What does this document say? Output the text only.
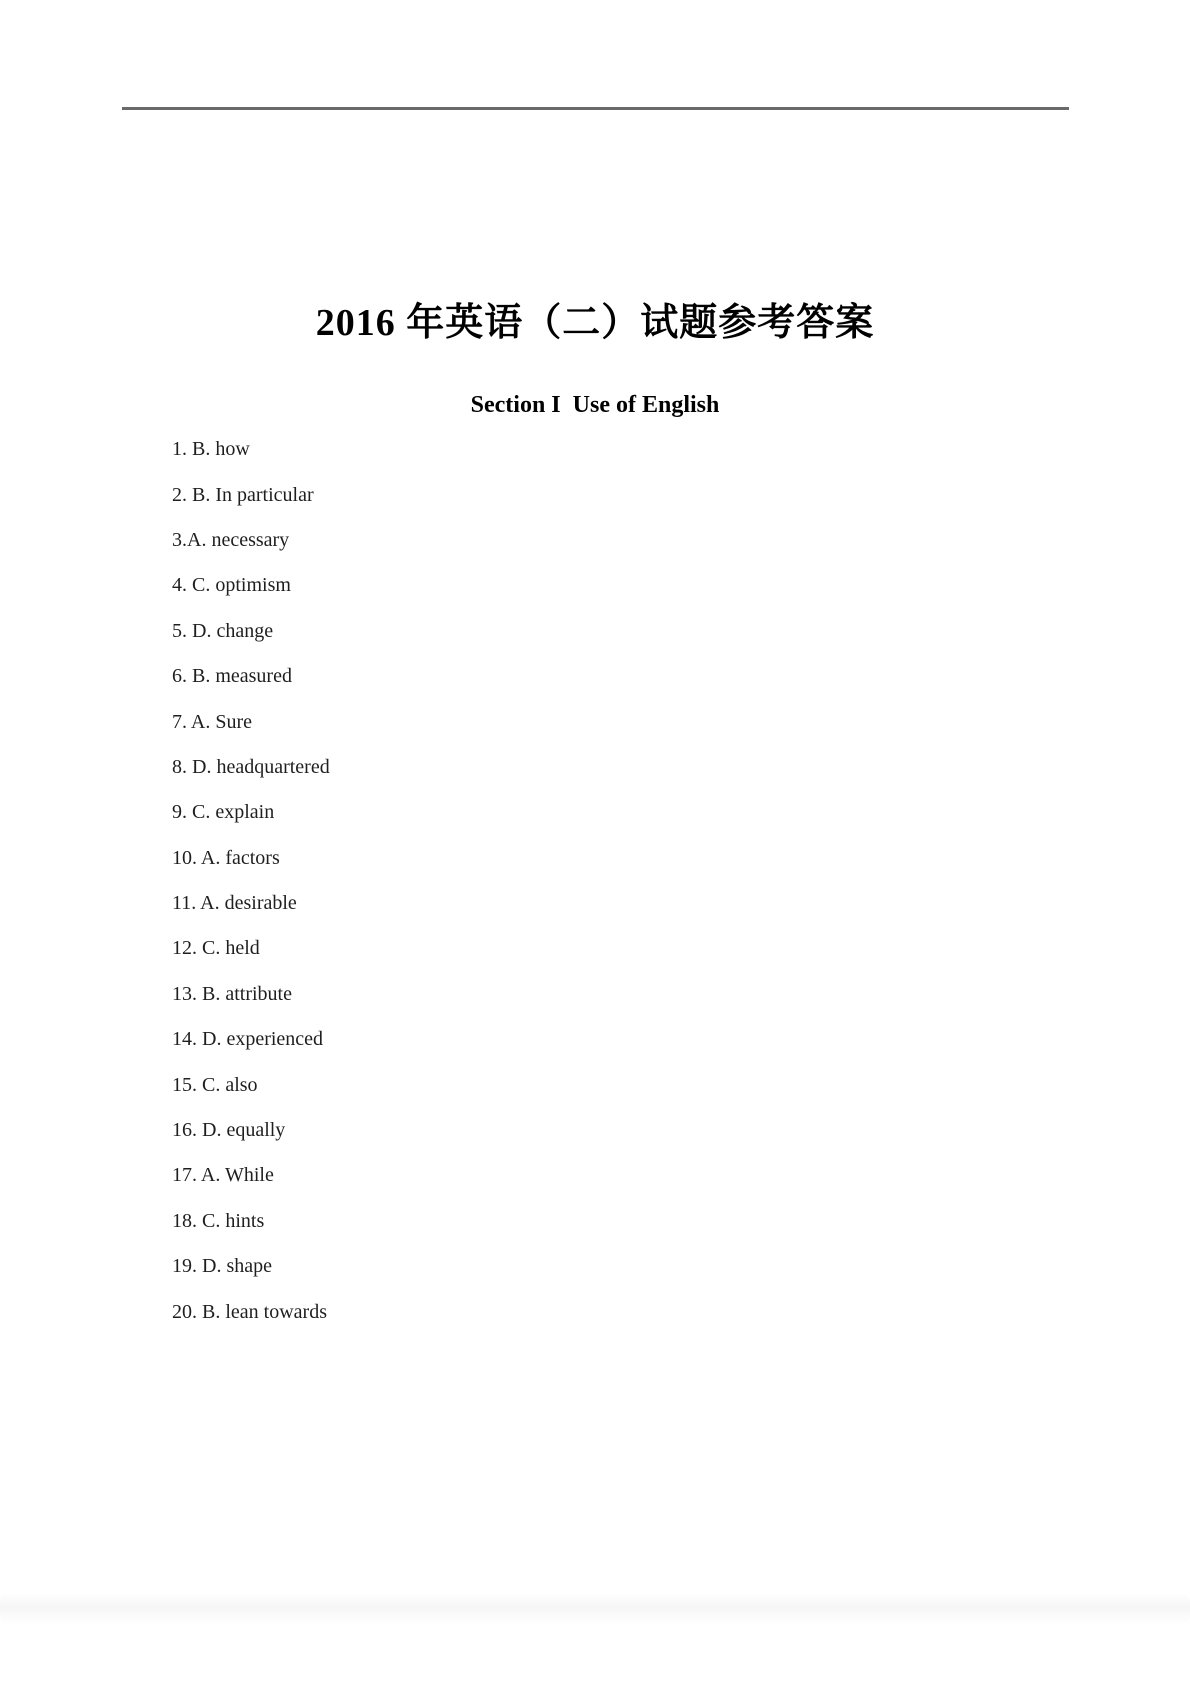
2016 年英语（二）试题参考答案
Section I  Use of English
1. B. how
2. B. In particular
3.A. necessary
4. C. optimism
5. D. change
6. B. measured
7. A. Sure
8. D. headquartered
9. C. explain
10. A. factors
11. A. desirable
12. C. held
13. B. attribute
14. D. experienced
15. C. also
16. D. equally
17. A. While
18. C. hints
19. D. shape
20. B. lean towards
